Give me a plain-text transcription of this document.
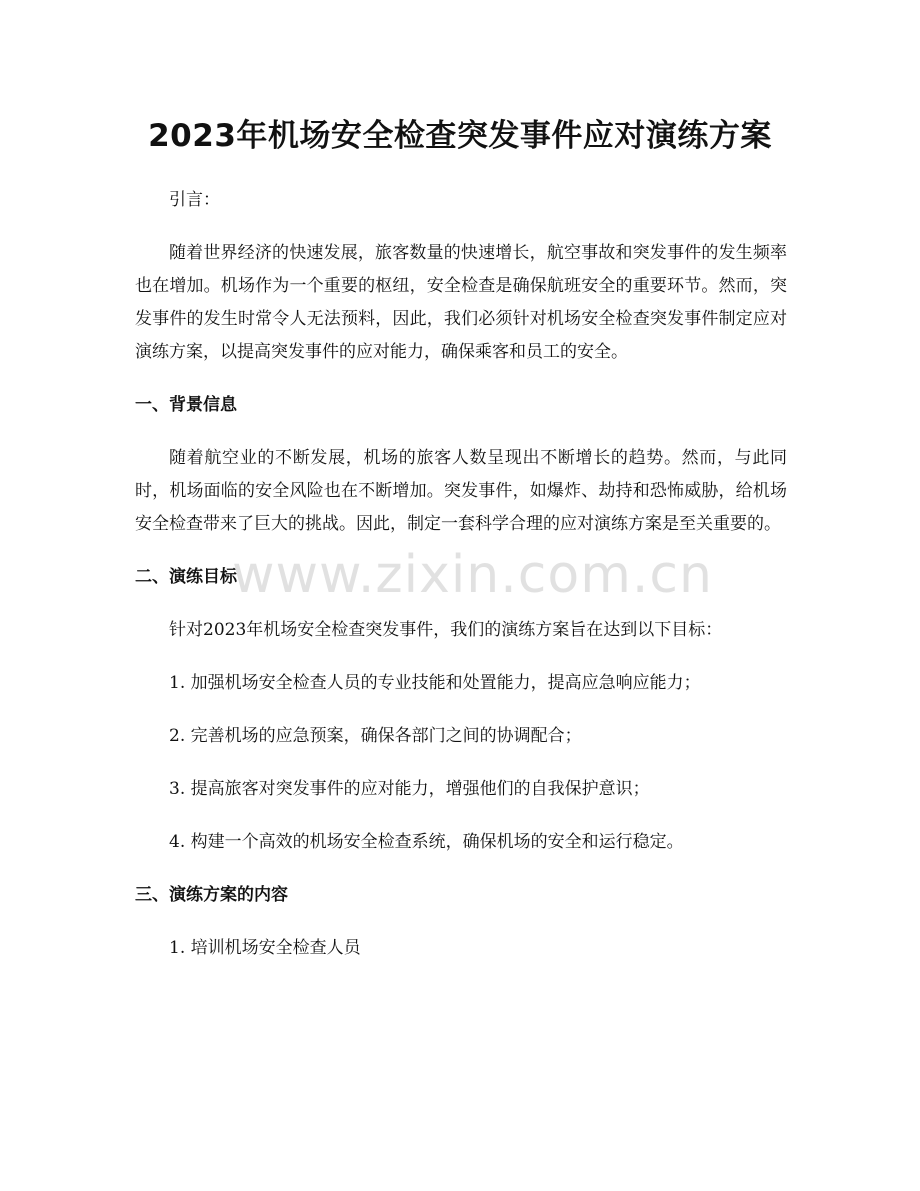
2023年机场安全检查突发事件应对演练方案

引言：

随着世界经济的快速发展，旅客数量的快速增长，航空事故和突发事件的发生频率也在增加。机场作为一个重要的枢纽，安全检查是确保航班安全的重要环节。然而，突发事件的发生时常令人无法预料，因此，我们必须针对机场安全检查突发事件制定应对演练方案，以提高突发事件的应对能力，确保乘客和员工的安全。

一、背景信息

随着航空业的不断发展，机场的旅客人数呈现出不断增长的趋势。然而，与此同时，机场面临的安全风险也在不断增加。突发事件，如爆炸、劫持和恐怖威胁，给机场安全检查带来了巨大的挑战。因此，制定一套科学合理的应对演练方案是至关重要的。

二、演练目标

针对2023年机场安全检查突发事件，我们的演练方案旨在达到以下目标：

1. 加强机场安全检查人员的专业技能和处置能力，提高应急响应能力；

2. 完善机场的应急预案，确保各部门之间的协调配合；

3. 提高旅客对突发事件的应对能力，增强他们的自我保护意识；

4. 构建一个高效的机场安全检查系统，确保机场的安全和运行稳定。

三、演练方案的内容

1. 培训机场安全检查人员

www.zixin.com.cn
